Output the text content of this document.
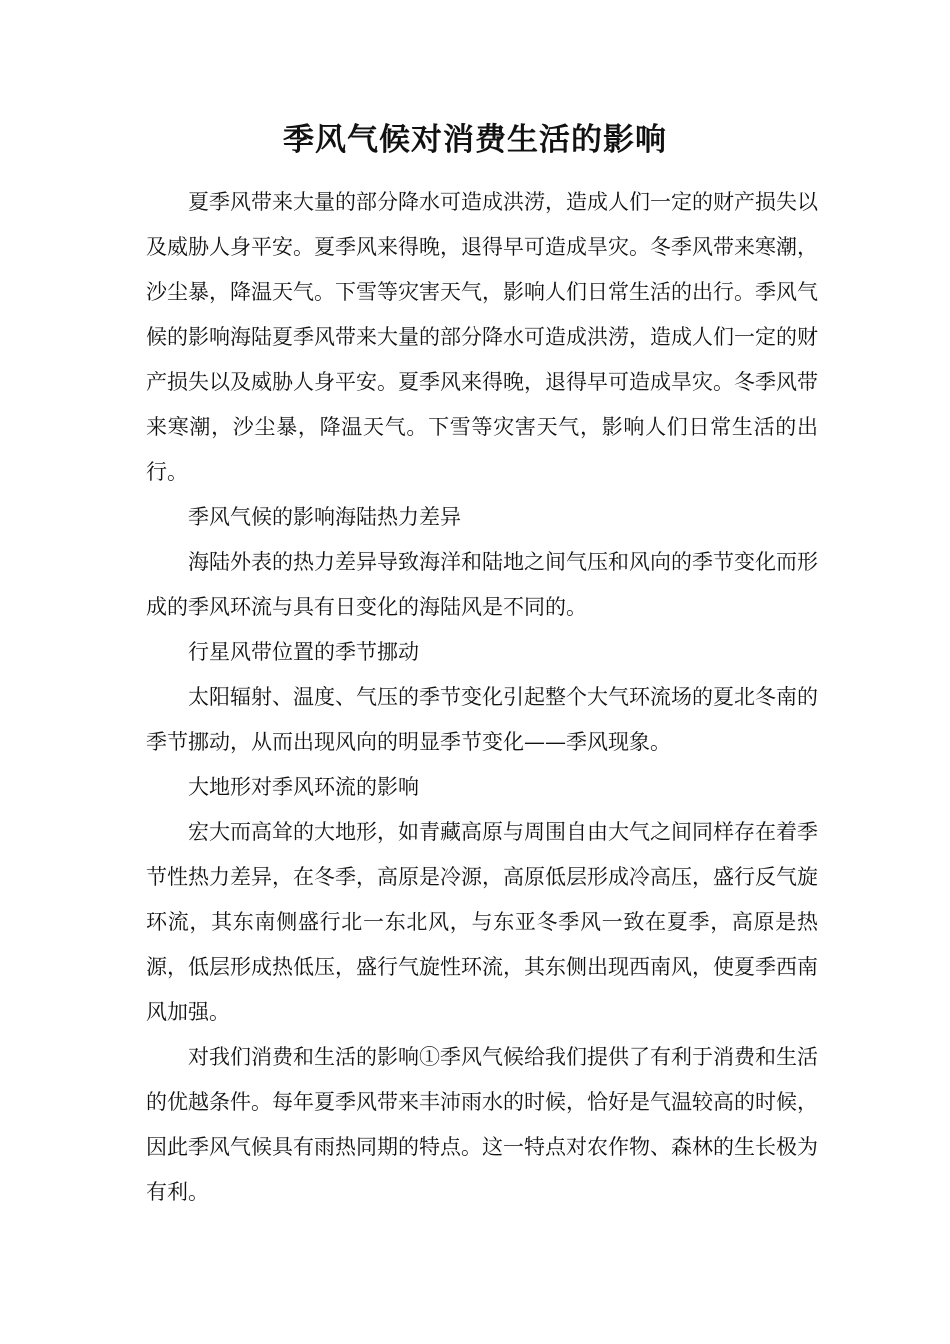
季风气候对消费生活的影响

夏季风带来大量的部分降水可造成洪涝，造成人们一定的财产损失以及威胁人身平安。夏季风来得晚，退得早可造成旱灾。冬季风带来寒潮，沙尘暴，降温天气。下雪等灾害天气，影响人们日常生活的出行。季风气候的影响海陆夏季风带来大量的部分降水可造成洪涝，造成人们一定的财产损失以及威胁人身平安。夏季风来得晚，退得早可造成旱灾。冬季风带来寒潮，沙尘暴，降温天气。下雪等灾害天气，影响人们日常生活的出行。

季风气候的影响海陆热力差异

海陆外表的热力差异导致海洋和陆地之间气压和风向的季节变化而形成的季风环流与具有日变化的海陆风是不同的。

行星风带位置的季节挪动

太阳辐射、温度、气压的季节变化引起整个大气环流场的夏北冬南的季节挪动，从而出现风向的明显季节变化——季风现象。

大地形对季风环流的影响

宏大而高耸的大地形，如青藏高原与周围自由大气之间同样存在着季节性热力差异，在冬季，高原是冷源，高原低层形成冷高压，盛行反气旋环流，其东南侧盛行北一东北风，与东亚冬季风一致在夏季，高原是热源，低层形成热低压，盛行气旋性环流，其东侧出现西南风，使夏季西南风加强。

对我们消费和生活的影响①季风气候给我们提供了有利于消费和生活的优越条件。每年夏季风带来丰沛雨水的时候，恰好是气温较高的时候，因此季风气候具有雨热同期的特点。这一特点对农作物、森林的生长极为有利。
